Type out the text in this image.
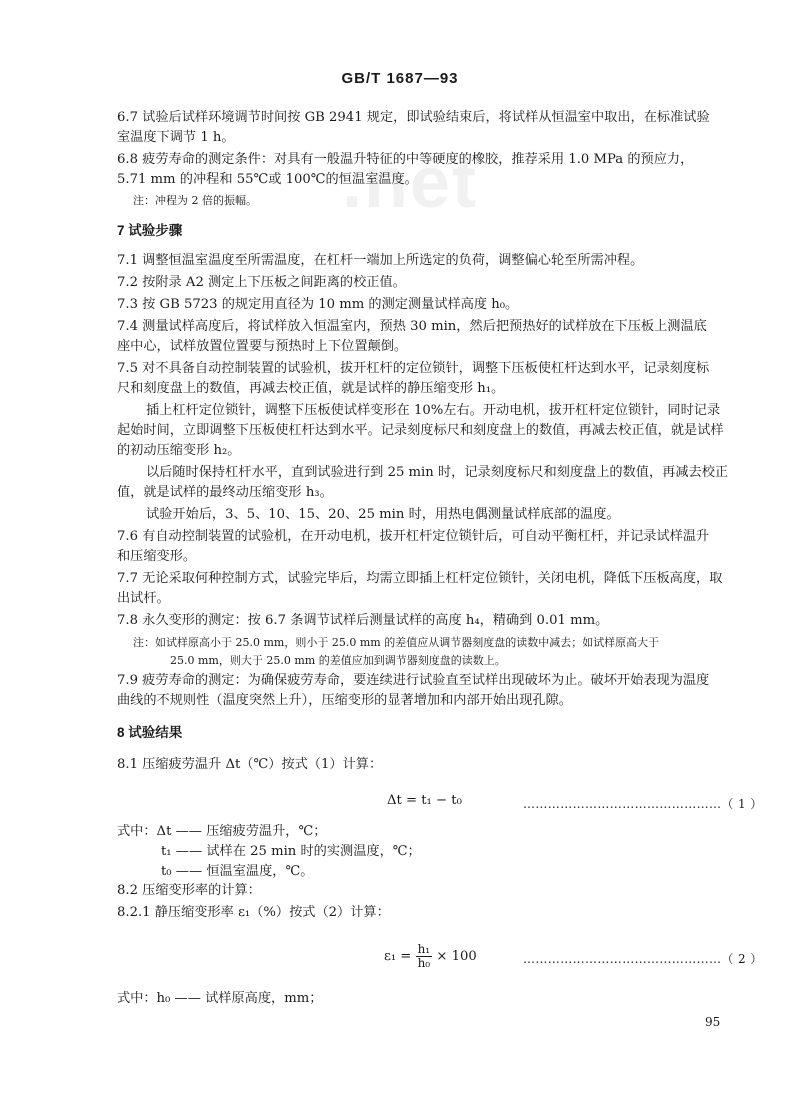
.net
GB/T 1687—93
6.7 试验后试样环境调节时间按 GB 2941 规定，即试验结束后，将试样从恒温室中取出，在标准试验
室温度下调节 1 h。
6.8 疲劳寿命的测定条件：对具有一般温升特征的中等硬度的橡胶，推荐采用 1.0 MPa 的预应力，
5.71 mm 的冲程和 55℃或 100℃的恒温室温度。
注：冲程为 2 倍的振幅。
7 试验步骤
7.1 调整恒温室温度至所需温度，在杠杆一端加上所选定的负荷，调整偏心轮至所需冲程。
7.2 按附录 A2 测定上下压板之间距离的校正值。
7.3 按 GB 5723 的规定用直径为 10 mm 的测定测量试样高度 h₀。
7.4 测量试样高度后，将试样放入恒温室内，预热 30 min，然后把预热好的试样放在下压板上测温底
座中心，试样放置位置要与预热时上下位置颠倒。
7.5 对不具备自动控制装置的试验机，拔开杠杆的定位锁针，调整下压板使杠杆达到水平，记录刻度标
尺和刻度盘上的数值，再减去校正值，就是试样的静压缩变形 h₁。
插上杠杆定位锁针，调整下压板使试样变形在 10%左右。开动电机，拔开杠杆定位锁针，同时记录
起始时间，立即调整下压板使杠杆达到水平。记录刻度标尺和刻度盘上的数值，再减去校正值，就是试样
的初动压缩变形 h₂。
以后随时保持杠杆水平，直到试验进行到 25 min 时，记录刻度标尺和刻度盘上的数值，再减去校正
值，就是试样的最终动压缩变形 h₃。
试验开始后，3、5、10、15、20、25 min 时，用热电偶测量试样底部的温度。
7.6 有自动控制装置的试验机，在开动电机，拔开杠杆定位锁针后，可自动平衡杠杆，并记录试样温升
和压缩变形。
7.7 无论采取何种控制方式，试验完毕后，均需立即插上杠杆定位锁针，关闭电机，降低下压板高度，取
出试杆。
7.8 永久变形的测定：按 6.7 条调节试样后测量试样的高度 h₄，精确到 0.01 mm。
注：如试样原高小于 25.0 mm，则小于 25.0 mm 的差值应从调节器刻度盘的读数中减去；如试样原高大于
25.0 mm，则大于 25.0 mm 的差值应加到调节器刻度盘的读数上。
7.9 疲劳寿命的测定：为确保疲劳寿命，要连续进行试验直至试样出现破坏为止。破坏开始表现为温度
曲线的不规则性（温度突然上升），压缩变形的显著增加和内部开始出现孔隙。
8 试验结果
8.1 压缩疲劳温升 Δt（℃）按式（1）计算：
Δt = t₁ − t₀	…………………………………………（ 1 ）
式中：Δt —— 压缩疲劳温升，℃；
t₁ —— 试样在 25 min 时的实测温度，℃；
t₀ —— 恒温室温度，℃。
8.2 压缩变形率的计算：
8.2.1 静压缩变形率 ε₁（%）按式（2）计算：
$\varepsilon_1 = \frac{\text{h₁}}{\text{h₀}} \times 100$	…………………………………………（ 2 ）
式中：h₀ —— 试样原高度，mm；
95
